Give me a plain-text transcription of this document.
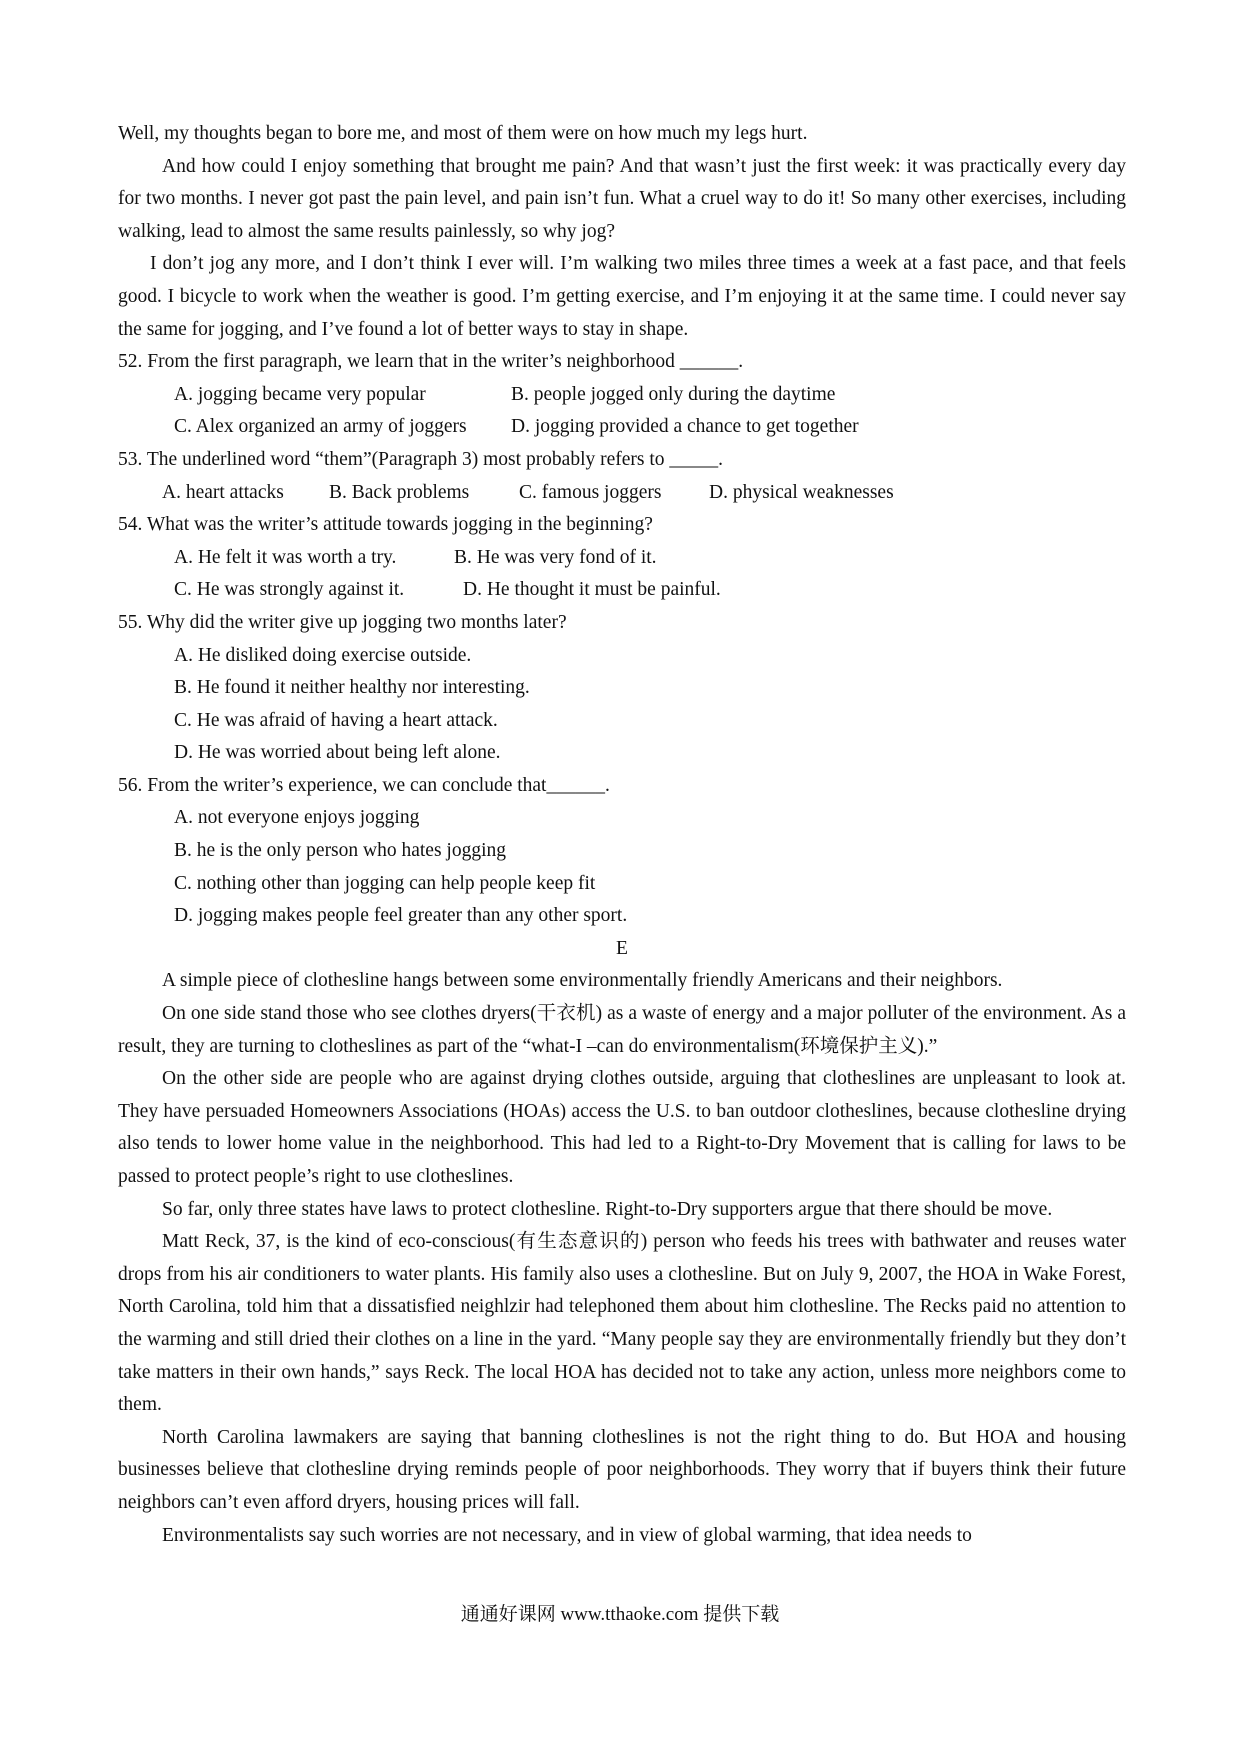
Well, my thoughts began to bore me, and most of them were on how much my legs hurt.

And how could I enjoy something that brought me pain? And that wasn’t just the first week: it was practically every day for two months. I never got past the pain level, and pain isn’t fun. What a cruel way to do it! So many other exercises, including walking, lead to almost the same results painlessly, so why jog?

I don’t jog any more, and I don’t think I ever will. I’m walking two miles three times a week at a fast pace, and that feels good. I bicycle to work when the weather is good. I’m getting exercise, and I’m enjoying it at the same time. I could never say the same for jogging, and I’ve found a lot of better ways to stay in shape.

52. From the first paragraph, we learn that in the writer’s neighborhood ______.

A. jogging became very popular	B. people jogged only during the daytime

C. Alex organized an army of joggers D. jogging provided a chance to get together

53. The underlined word “them”(Paragraph 3) most probably refers to _____.

A. heart attacks B. Back problems	C. famous joggers D. physical weaknesses

54. What was the writer’s attitude towards jogging in the beginning?

A. He felt it was worth a try.	B. He was very fond of it.

C. He was strongly against it.	D. He thought it must be painful.

55. Why did the writer give up jogging two months later?

A. He disliked doing exercise outside.

B. He found it neither healthy nor interesting.

C. He was afraid of having a heart attack.

D. He was worried about being left alone.

56. From the writer’s experience, we can conclude that______.

A. not everyone enjoys jogging

B. he is the only person who hates jogging

C. nothing other than jogging can help people keep fit

D. jogging makes people feel greater than any other sport.

E

A simple piece of clothesline hangs between some environmentally friendly Americans and their neighbors.

On one side stand those who see clothes dryers(干衣机) as a waste of energy and a major polluter of the environment. As a result, they are turning to clotheslines as part of the “what-I –can do environmentalism(环境保护主义).”

On the other side are people who are against drying clothes outside, arguing that clotheslines are unpleasant to look at. They have persuaded Homeowners Associations (HOAs) access the U.S. to ban outdoor clotheslines, because clothesline drying also tends to lower home value in the neighborhood. This had led to a Right-to-Dry Movement that is calling for laws to be passed to protect people’s right to use clotheslines.

So far, only three states have laws to protect clothesline. Right-to-Dry supporters argue that there should be move.

Matt Reck, 37, is the kind of eco-conscious(有生态意识的) person who feeds his trees with bathwater and reuses water drops from his air conditioners to water plants. His family also uses a clothesline. But on July 9, 2007, the HOA in Wake Forest, North Carolina, told him that a dissatisfied neighlzir had telephoned them about him clothesline. The Recks paid no attention to the warming and still dried their clothes on a line in the yard. “Many people say they are environmentally friendly but they don’t take matters in their own hands,” says Reck. The local HOA has decided not to take any action, unless more neighbors come to them.

North Carolina lawmakers are saying that banning clotheslines is not the right thing to do. But HOA and housing businesses believe that clothesline drying reminds people of poor neighborhoods. They worry that if buyers think their future neighbors can’t even afford dryers, housing prices will fall.

Environmentalists say such worries are not necessary, and in view of global warming, that idea needs to

通通好课网 www.tthaoke.com 提供下载
